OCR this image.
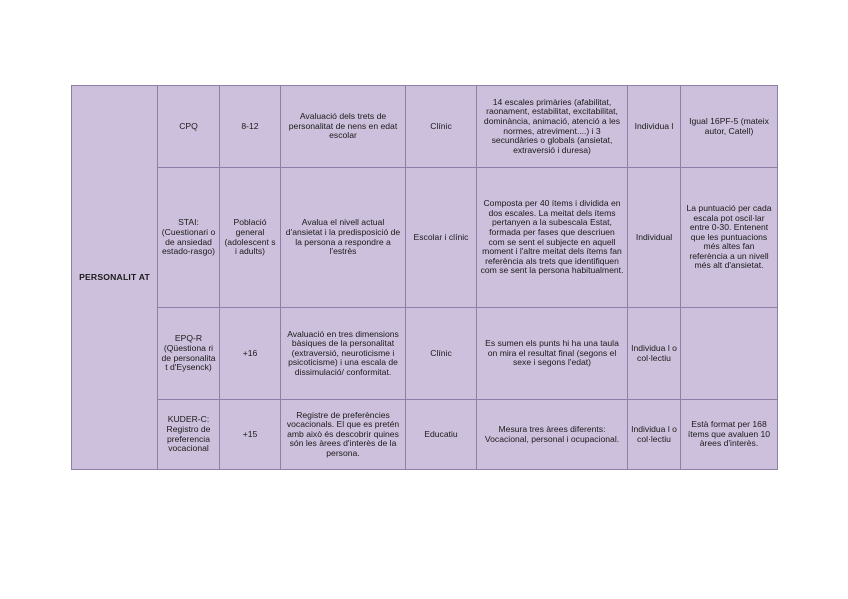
PERSONALIT AT	CPQ	8-12	Avaluació dels trets de personalitat de nens en edat escolar	Clínic	14 escales primàries (afabilitat, raonament, estabilitat, excitabilitat, dominància, animació, atenció a les normes, atreviment....) i 3 secundàries o globals (ansietat, extraversió i duresa)	Individua l	Igual 16PF-5 (mateix autor, Catell)
	STAI: (Cuestionari o de ansiedad estado-rasgo)	Població general (adolescent s i adults)	Avalua el nivell actual d'ansietat i la predisposició de la persona a respondre a l'estrès	Escolar i clínic	Composta per 40 ítems i dividida en dos escales. La meitat dels ítems pertanyen a la subescala Estat, formada per fases que descriuen com se sent el subjecte en aquell moment i l'altre meitat dels ítems fan referència als trets que identifiquen com se sent la persona habitualment.	Individual	La puntuació per cada escala pot oscil·lar entre 0-30. Entenent que les puntuacions més altes fan referència a un nivell més alt d'ansietat.
	EPQ-R (Qüestiona ri de personalita t d'Eysenck)	+16	Avaluació en tres dimensions bàsiques de la personalitat (extraversió, neuroticisme i psicoticisme) i una escala de dissimulació/ conformitat.	Clínic	Es sumen els punts hi ha una taula on mira el resultat final (segons el sexe i segons l'edat)	Individua l o col·lectiu	
	KUDER-C: Registro de preferencia vocacional	+15	Registre de preferències vocacionals. El que es pretén amb això és descobrir quines són les àrees d'interès de la persona.	Educatiu	Mesura tres àrees diferents: Vocacional, personal i ocupacional.	Individua l o col·lectiu	Està format per 168 ítems que avaluen 10 àrees d'interès.
